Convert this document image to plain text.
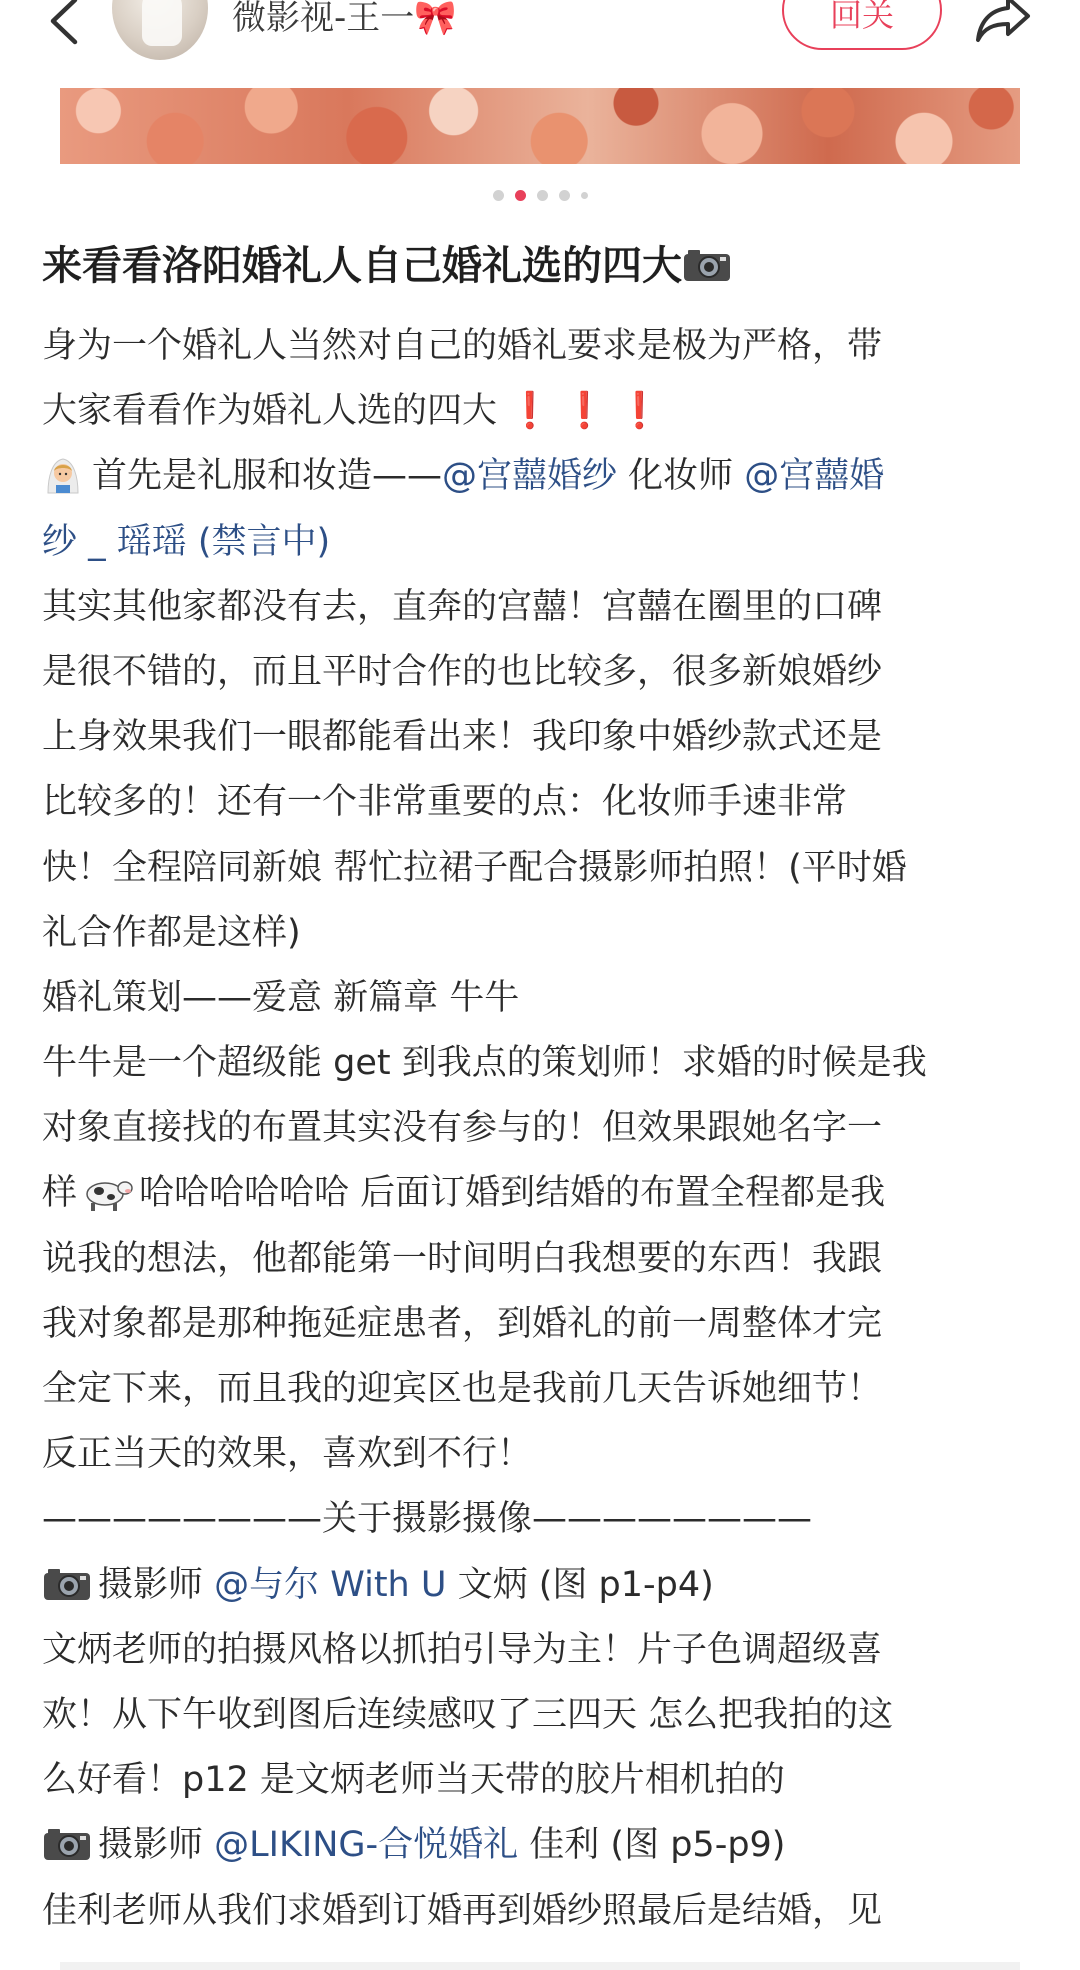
微影视-王一🎀	回关
来看看洛阳婚礼人自己婚礼选的四大
身为一个婚礼人当然对自己的婚礼要求是极为严格，带
大家看看作为婚礼人选的四大 ❗ ❗ ❗
首先是礼服和妆造——@宫囍婚纱 化妆师 @宫囍婚
纱 _ 瑶瑶 (禁言中)
其实其他家都没有去，直奔的宫囍！宫囍在圈里的口碑
是很不错的，而且平时合作的也比较多，很多新娘婚纱
上身效果我们一眼都能看出来！我印象中婚纱款式还是
比较多的！还有一个非常重要的点：化妆师手速非常
快！全程陪同新娘 帮忙拉裙子配合摄影师拍照！(平时婚
礼合作都是这样)
婚礼策划——爱意 新篇章 牛牛
牛牛是一个超级能 get 到我点的策划师！求婚的时候是我
对象直接找的布置其实没有参与的！但效果跟她名字一
样 哈哈哈哈哈哈 后面订婚到结婚的布置全程都是我
说我的想法，他都能第一时间明白我想要的东西！我跟
我对象都是那种拖延症患者，到婚礼的前一周整体才完
全定下来，而且我的迎宾区也是我前几天告诉她细节！
反正当天的效果，喜欢到不行！
————————关于摄影摄像————————
摄影师 @与尔 With U 文炳 (图 p1-p4)
文炳老师的拍摄风格以抓拍引导为主！片子色调超级喜
欢！从下午收到图后连续感叹了三四天 怎么把我拍的这
么好看！p12 是文炳老师当天带的胶片相机拍的
摄影师 @LIKING-合悦婚礼 佳利 (图 p5-p9)
佳利老师从我们求婚到订婚再到婚纱照最后是结婚，见
